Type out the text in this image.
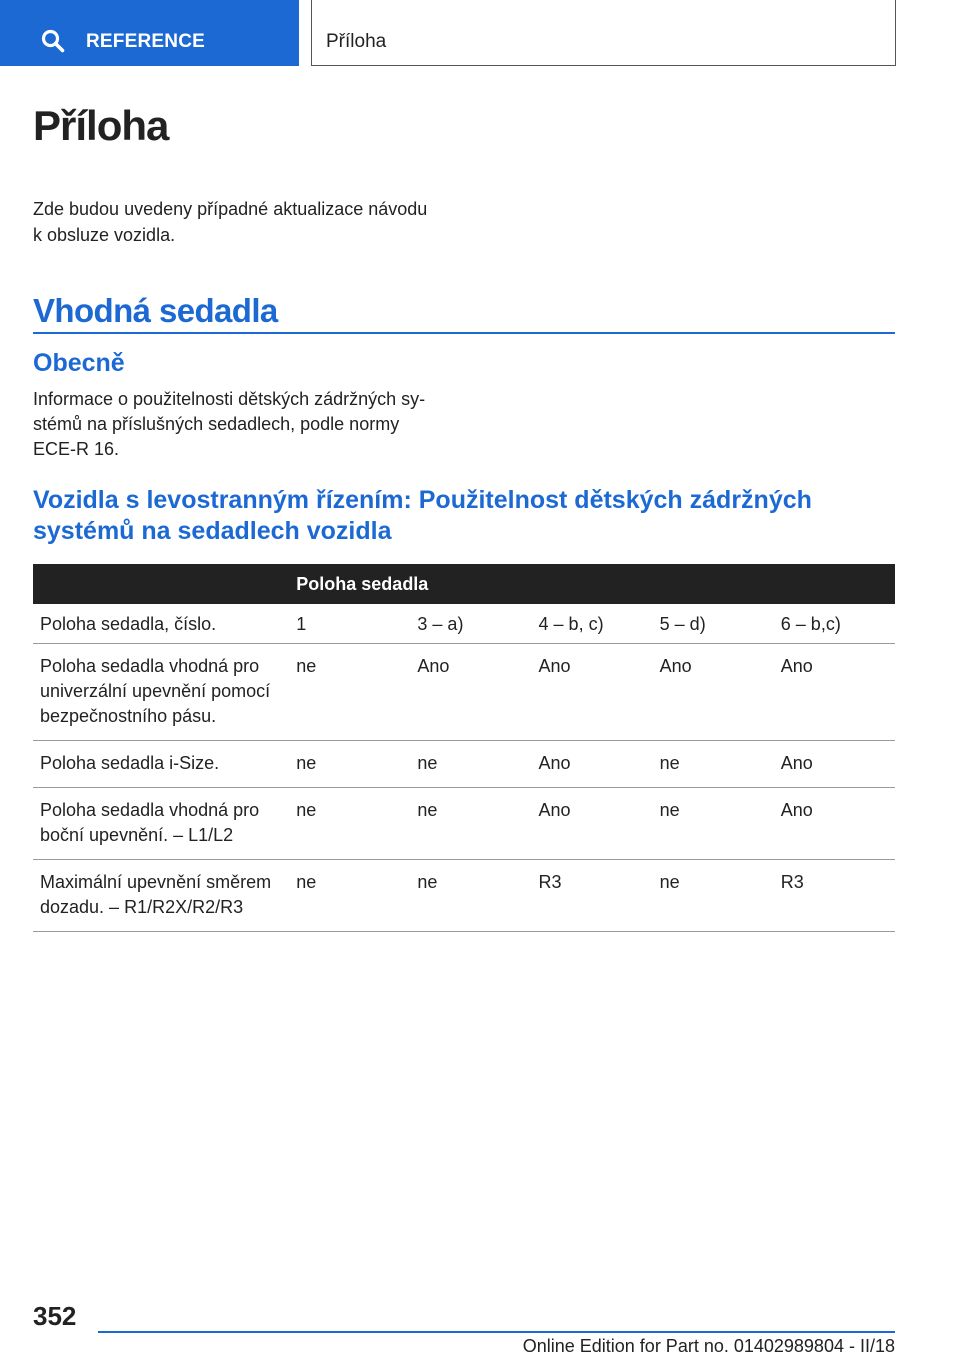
REFERENCE	Příloha
Příloha

Zde budou uvedeny případné aktualizace návodu
k obsluze vozidla.

Vhodná sedadla
Obecně

Informace o použitelnosti dětských zádržných sy-
stémů na příslušných sedadlech, podle normy
ECE-R 16.

Vozidla s levostranným řízením: Použitelnost dětských zádržných
systémů na sedadlech vozidla
	Poloha sedadla				
Poloha sedadla, číslo.	1	3 – a)	4 – b, c)	5 – d)	6 – b,c)
Poloha sedadla vhodná pro univerzální upevnění pomocí bezpečnostního pásu.	ne	Ano	Ano	Ano	Ano
Poloha sedadla i-Size.	ne	ne	Ano	ne	Ano
Poloha sedadla vhodná pro boční upevnění. – L1/L2	ne	ne	Ano	ne	Ano
Maximální upevnění směrem dozadu. – R1/R2X/R2/R3	ne	ne	R3	ne	R3
352
Online Edition for Part no. 01402989804 - II/18
